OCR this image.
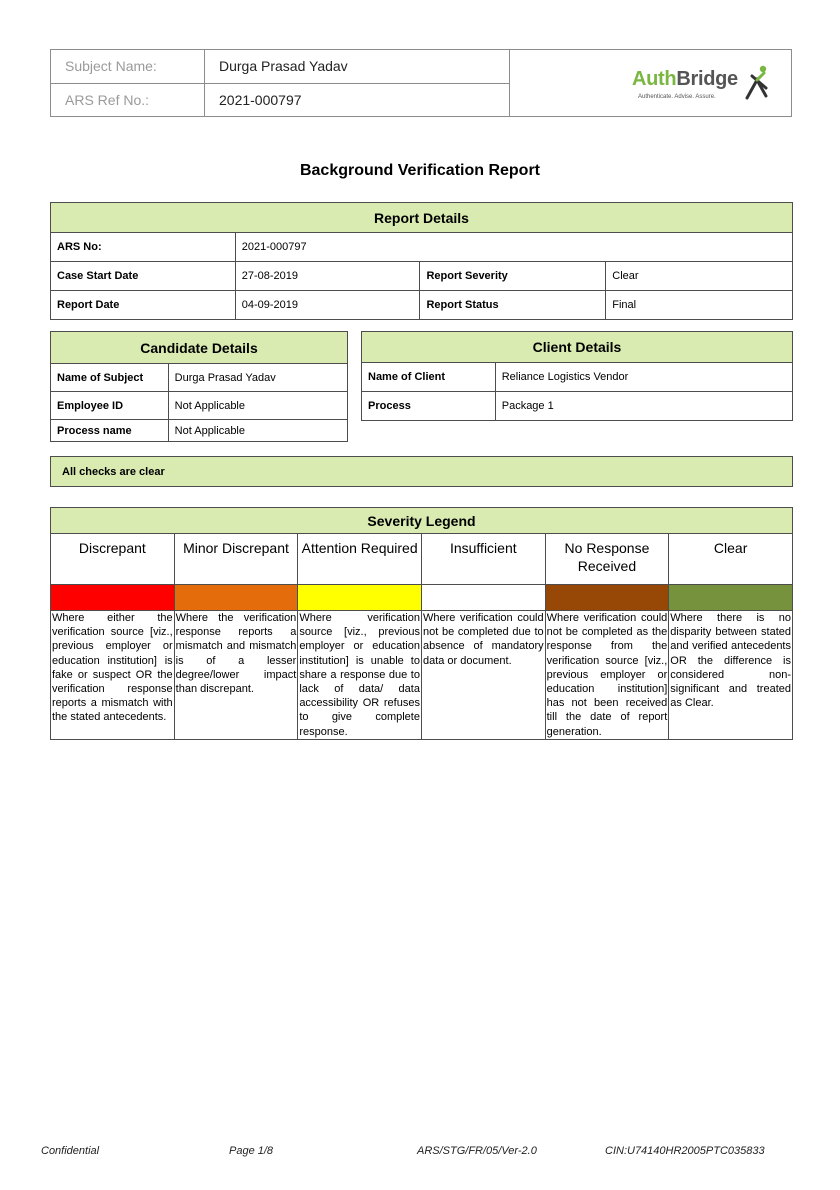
Subject Name:	Durga Prasad Yadav
ARS Ref No.:	2021-000797
AuthBridge
Authenticate. Advise. Assure.
Background Verification Report
Report Details			
ARS No:	2021-000797		
Case Start Date	27-08-2019	Report Severity	Clear
Report Date	04-09-2019	Report Status	Final
Candidate Details	
Name of Subject	Durga Prasad Yadav
Employee ID	Not Applicable
Process name	Not Applicable
Client Details	
Name of Client	Reliance Logistics Vendor
Process	Package 1
All checks are clear
Severity Legend					
Discrepant	Minor Discrepant	Attention Required	Insufficient	No Response Received	Clear

Where either the verification source [viz., previous employer or education institution] is fake or suspect OR the verification response reports a mismatch with the stated antecedents.	Where the verification response reports a mismatch and mismatch is of a lesser degree/lower impact than discrepant.	Where verification source [viz., previous employer or education institution] is unable to share a response due to lack of data/ data accessibility OR refuses to give complete response.	Where verification could not be completed due to absence of mandatory data or document.	Where verification could not be completed as the response from the verification source [viz., previous employer or education institution] has not been received till the date of report generation.	Where there is no disparity between stated and verified antecedents OR the difference is considered non-significant and treated as Clear.
Confidential	Page 1/8	ARS/STG/FR/05/Ver-2.0	CIN:U74140HR2005PTC035833
